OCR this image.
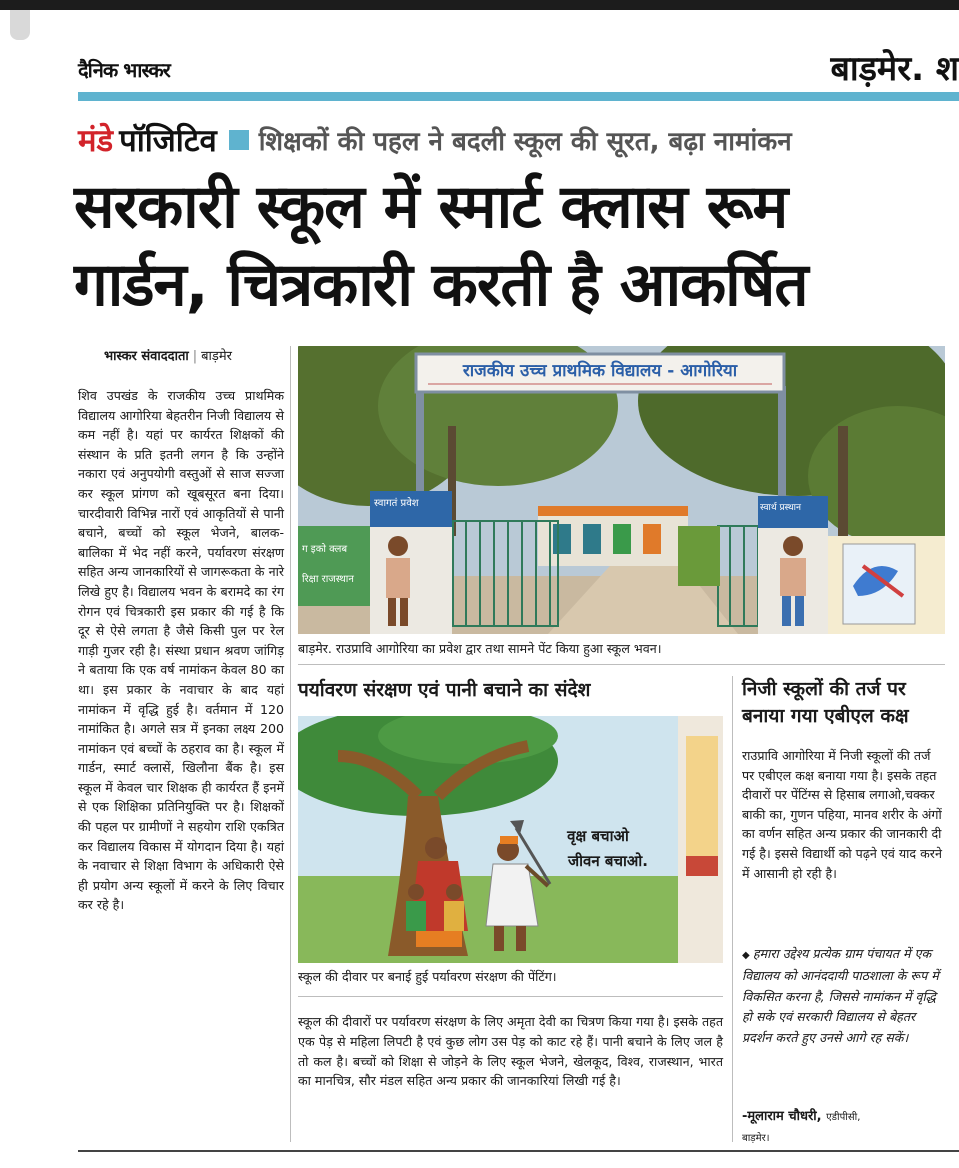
दैनिक भास्कर	बाड़मेर. श
मंडे पॉजिटिव शिक्षकों की पहल ने बदली स्कूल की सूरत, बढ़ा नामांकन
सरकारी स्कूल में स्मार्ट क्लास रूम
गार्डन, चित्रकारी करती है आकर्षित
भास्कर संवाददाता | बाड़मेर
शिव उपखंड के राजकीय उच्च प्राथमिक विद्यालय आगोरिया बेहतरीन निजी विद्यालय से कम नहीं है। यहां पर कार्यरत शिक्षकों की संस्थान के प्रति इतनी लगन है कि उन्होंने नकारा एवं अनुपयोगी वस्तुओं से साज सज्जा कर स्कूल प्रांगण को खूबसूरत बना दिया। चारदीवारी विभिन्न नारों एवं आकृतियों से पानी बचाने, बच्चों को स्कूल भेजने, बालक-बालिका में भेद नहीं करने, पर्यावरण संरक्षण सहित अन्य जानकारियों से जागरूकता के नारे लिखे हुए है। विद्यालय भवन के बरामदे का रंग रोगन एवं चित्रकारी इस प्रकार की गई है कि दूर से ऐसे लगता है जैसे किसी पुल पर रेल गाड़ी गुजर रही है। संस्था प्रधान श्रवण जांगिड़ ने बताया कि एक वर्ष नामांकन केवल 80 का था। इस प्रकार के नवाचार के बाद यहां नामांकन में वृद्धि हुई है। वर्तमान में 120 नामांकित है। अगले सत्र में इनका लक्ष्य 200 नामांकन एवं बच्चों के ठहराव का है। स्कूल में गार्डन, स्मार्ट क्लासें, खिलौना बैंक है। इस स्कूल में केवल चार शिक्षक ही कार्यरत हैं इनमें से एक शिक्षिका प्रतिनियुक्ति पर है। शिक्षकों की पहल पर ग्रामीणों ने सहयोग राशि एकत्रित कर विद्यालय विकास में योगदान दिया है। यहां के नवाचार से शिक्षा विभाग के अधिकारी ऐसे ही प्रयोग अन्य स्कूलों में करने के लिए विचार कर रहे है।
राजकीय उच्च प्राथमिक विद्यालय - आगोरिया
ग इको क्लब
रिक्षा राजस्थान
स्वागतं प्रवेश	स्वार्थ प्रस्थान
बाड़मेर. राउप्रावि आगोरिया का प्रवेश द्वार तथा सामने पेंट किया हुआ स्कूल भवन।
पर्यावरण संरक्षण एवं पानी बचाने का संदेश
वृक्ष बचाओ
जीवन बचाओ.
स्कूल की दीवार पर बनाई हुई पर्यावरण संरक्षण की पेंटिंग।
स्कूल की दीवारों पर पर्यावरण संरक्षण के लिए अमृता देवी का चित्रण किया गया है। इसके तहत एक पेड़ से महिला लिपटी है एवं कुछ लोग उस पेड़ को काट रहे हैं। पानी बचाने के लिए जल है तो कल है। बच्चों को शिक्षा से जोड़ने के लिए स्कूल भेजने, खेलकूद, विश्व, राजस्थान, भारत का मानचित्र, सौर मंडल सहित अन्य प्रकार की जानकारियां लिखी गई है।
निजी स्कूलों की तर्ज पर बनाया गया एबीएल कक्ष
राउप्रावि आगोरिया में निजी स्कूलों की तर्ज पर एबीएल कक्ष बनाया गया है। इसके तहत दीवारों पर पेंटिंग्स से हिसाब लगाओ,चक्कर बाकी का, गुणन पहिया, मानव शरीर के अंगों का वर्णन सहित अन्य प्रकार की जानकारी दी गई है। इससे विद्यार्थी को पढ़ने एवं याद करने में आसानी हो रही है।
◆ हमारा उद्देश्य प्रत्येक ग्राम पंचायत में एक विद्यालय को आनंददायी पाठशाला के रूप में विकसित करना है, जिससे नामांकन में वृद्धि हो सके एवं सरकारी विद्यालय से बेहतर प्रदर्शन करते हुए उनसे आगे रह सकें।
-मूलाराम चौधरी, एडीपीसी,
बाड़मेर।
